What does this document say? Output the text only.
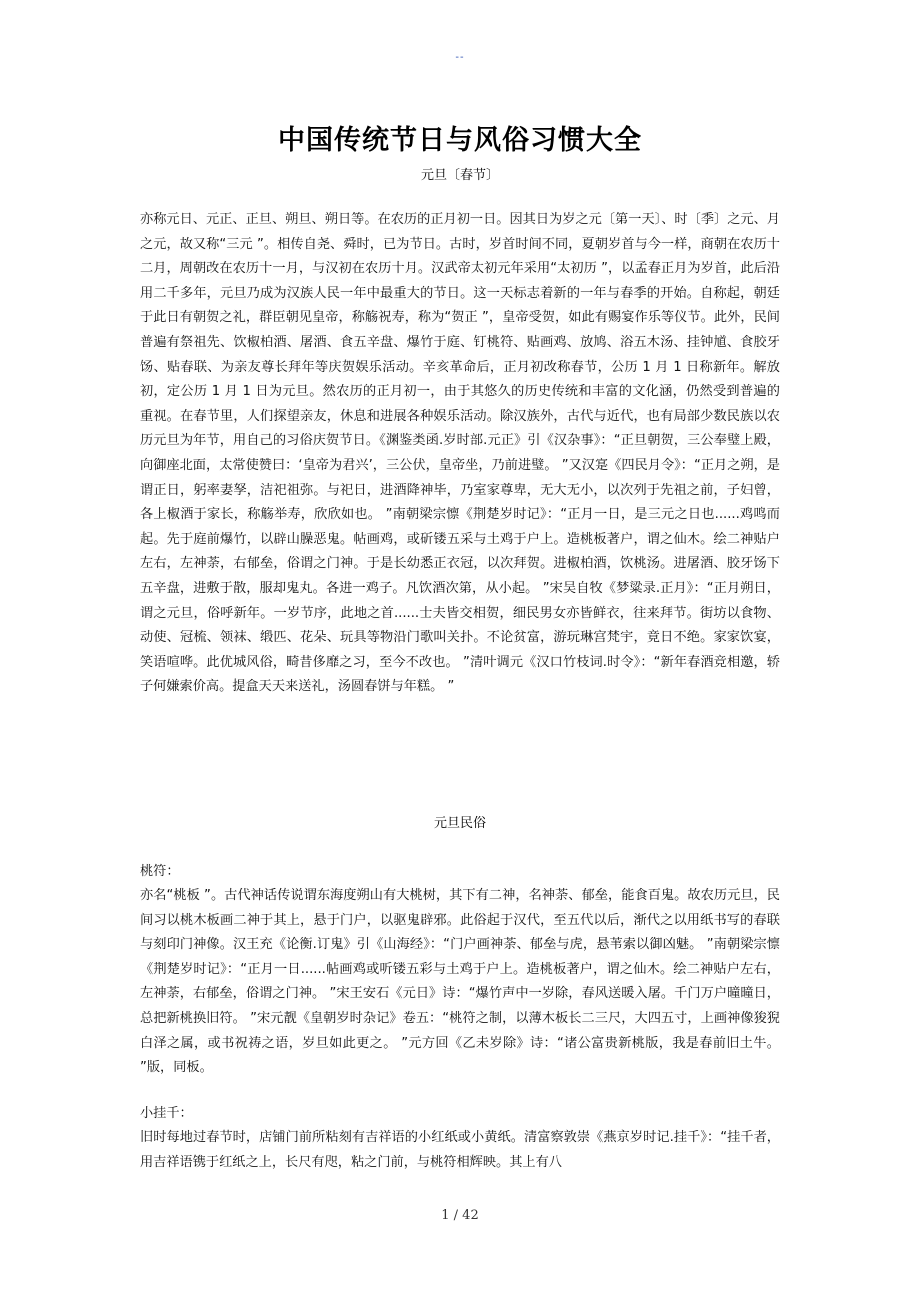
--
中国传统节日与风俗习惯大全
元旦〔春节〕

亦称元日、元正、正旦、朔旦、朔日等。在农历的正月初一日。因其日为岁之元〔第一天〕、时〔季〕之元、月之元，故又称“三元 ”。相传自尧、舜时，已为节日。古时，岁首时间不同，夏朝岁首与今一样，商朝在农历十二月，周朝改在农历十一月，与汉初在农历十月。汉武帝太初元年采用“太初历 ”，以孟春正月为岁首，此后沿用二千多年，元旦乃成为汉族人民一年中最重大的节日。这一天标志着新的一年与春季的开始。自称起，朝廷于此日有朝贺之礼，群臣朝见皇帝，称觞祝寿，称为“贺正 ”，皇帝受贺，如此有赐宴作乐等仪节。此外，民间普遍有祭祖先、饮椒柏酒、屠酒、食五辛盘、爆竹于庭、钉桃符、贴画鸡、放鸠、浴五木汤、挂钟馗、食胶牙饧、贴春联、为亲友尊长拜年等庆贺娱乐活动。辛亥革命后，正月初改称春节，公历 1 月 1 日称新年。解放初，定公历 1 月 1 日为元旦。然农历的正月初一，由于其悠久的历史传统和丰富的文化涵，仍然受到普遍的重视。在春节里，人们探望亲友，休息和进展各种娱乐活动。除汉族外，古代与近代，也有局部少数民族以农历元旦为年节，用自己的习俗庆贺节日。《渊鉴类函.岁时部.元正》引《汉杂事》：“正旦朝贺，三公奉璧上殿，向御座北面，太常使赞曰：‘皇帝为君兴’，三公伏，皇帝坐，乃前进璧。 ”又汉寔《四民月令》：“正月之朔，是谓正日，躬率妻孥，洁祀祖弥。与祀日，进酒降神毕，乃室家尊卑，无大无小，以次列于先祖之前，子妇曾，各上椒酒于家长，称觞举寿，欣欣如也。 ”南朝梁宗懔《荆楚岁时记》：“正月一日，是三元之日也......鸡鸣而起。先于庭前爆竹，以辟山臊恶鬼。帖画鸡，或斫镂五采与土鸡于户上。造桃板著户，谓之仙木。绘二神贴户左右，左神荼，右郁垒，俗谓之门神。于是长幼悉正衣冠，以次拜贺。进椒柏酒，饮桃汤。进屠酒、胶牙饧下五辛盘，进敷于散，服却鬼丸。各进一鸡子。凡饮酒次第，从小起。 ”宋吴自牧《梦粱录.正月》：“正月朔日，谓之元旦，俗呼新年。一岁节序，此地之首......士夫皆交相贺，细民男女亦皆鲜衣，往来拜节。街坊以食物、动使、冠梳、领袜、缎匹、花朵、玩具等物沿门歌叫关扑。不论贫富，游玩琳宫梵宇，竟日不绝。家家饮宴，笑语喧哗。此优城风俗，畸昔侈靡之习，至今不改也。 ”清叶调元《汉口竹枝词.时令》：“新年春酒竞相邀，轿子何嫌索价高。提盒天天来送礼，汤圆春饼与年糕。 ”

元旦民俗
桃符：

亦名“桃板 ”。古代神话传说谓东海度朔山有大桃树，其下有二神，名神荼、郁垒，能食百鬼。故农历元旦，民间习以桃木板画二神于其上，悬于门户，以驱鬼辟邪。此俗起于汉代，至五代以后，渐代之以用纸书写的春联与刻印门神像。汉王充《论衡.订鬼》引《山海经》：“门户画神荼、郁垒与虎，悬苇索以御凶魅。 ”南朝梁宗懔《荆楚岁时记》：“正月一日......帖画鸡或听镂五彩与土鸡于户上。造桃板著户，谓之仙木。绘二神贴户左右，左神荼，右郁垒，俗谓之门神。 ”宋王安石《元日》诗：“爆竹声中一岁除，春风送暖入屠。千门万户曈曈日，总把新桃换旧符。 ”宋元靓《皇朝岁时杂记》卷五：“桃符之制，以薄木板长二三尺，大四五寸，上画神像狻猊白泽之属，或书祝祷之语，岁旦如此更之。 ”元方回《乙未岁除》诗：“诸公富贵新桃版，我是春前旧土牛。 ”版，同板。

小挂千：

旧时每地过春节时，店铺门前所粘刻有吉祥语的小红纸或小黄纸。清富察敦崇《燕京岁时记.挂千》：“挂千者，用吉祥语镌于红纸之上，长尺有咫，粘之门前，与桃符相辉映。其上有八

1 / 42
